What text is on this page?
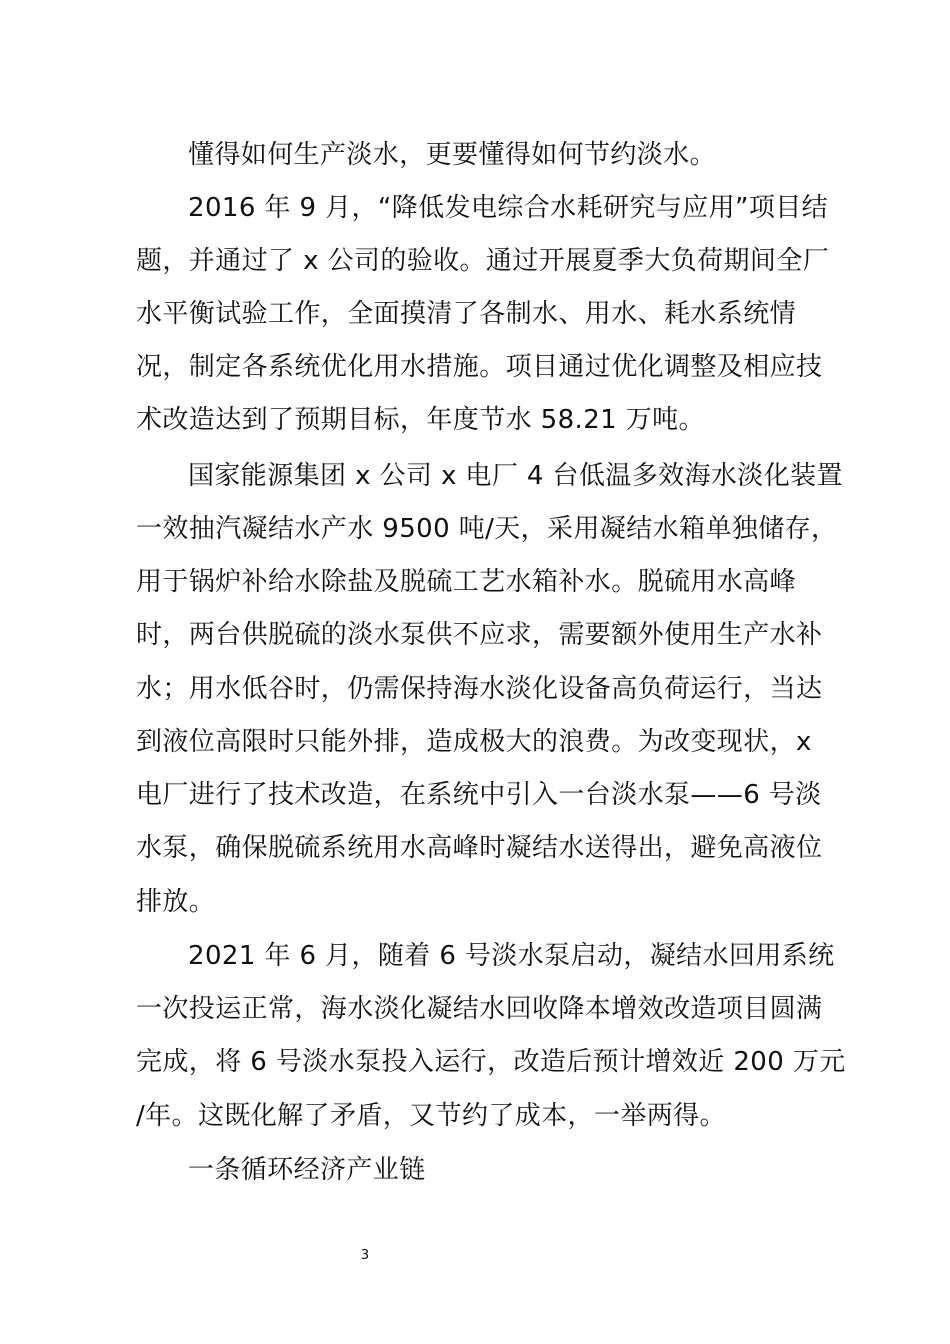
懂得如何生产淡水，更要懂得如何节约淡水。
2016 年 9 月，“降低发电综合水耗研究与应用”项目结
题，并通过了 x 公司的验收。通过开展夏季大负荷期间全厂
水平衡试验工作，全面摸清了各制水、用水、耗水系统情
况，制定各系统优化用水措施。项目通过优化调整及相应技
术改造达到了预期目标，年度节水 58.21 万吨。
国家能源集团 x 公司 x 电厂 4 台低温多效海水淡化装置
一效抽汽凝结水产水 9500 吨/天，采用凝结水箱单独储存，
用于锅炉补给水除盐及脱硫工艺水箱补水。脱硫用水高峰
时，两台供脱硫的淡水泵供不应求，需要额外使用生产水补
水；用水低谷时，仍需保持海水淡化设备高负荷运行，当达
到液位高限时只能外排，造成极大的浪费。为改变现状，x
电厂进行了技术改造，在系统中引入一台淡水泵——6 号淡
水泵，确保脱硫系统用水高峰时凝结水送得出，避免高液位
排放。
2021 年 6 月，随着 6 号淡水泵启动，凝结水回用系统
一次投运正常，海水淡化凝结水回收降本增效改造项目圆满
完成，将 6 号淡水泵投入运行，改造后预计增效近 200 万元
/年。这既化解了矛盾，又节约了成本，一举两得。
一条循环经济产业链
3
